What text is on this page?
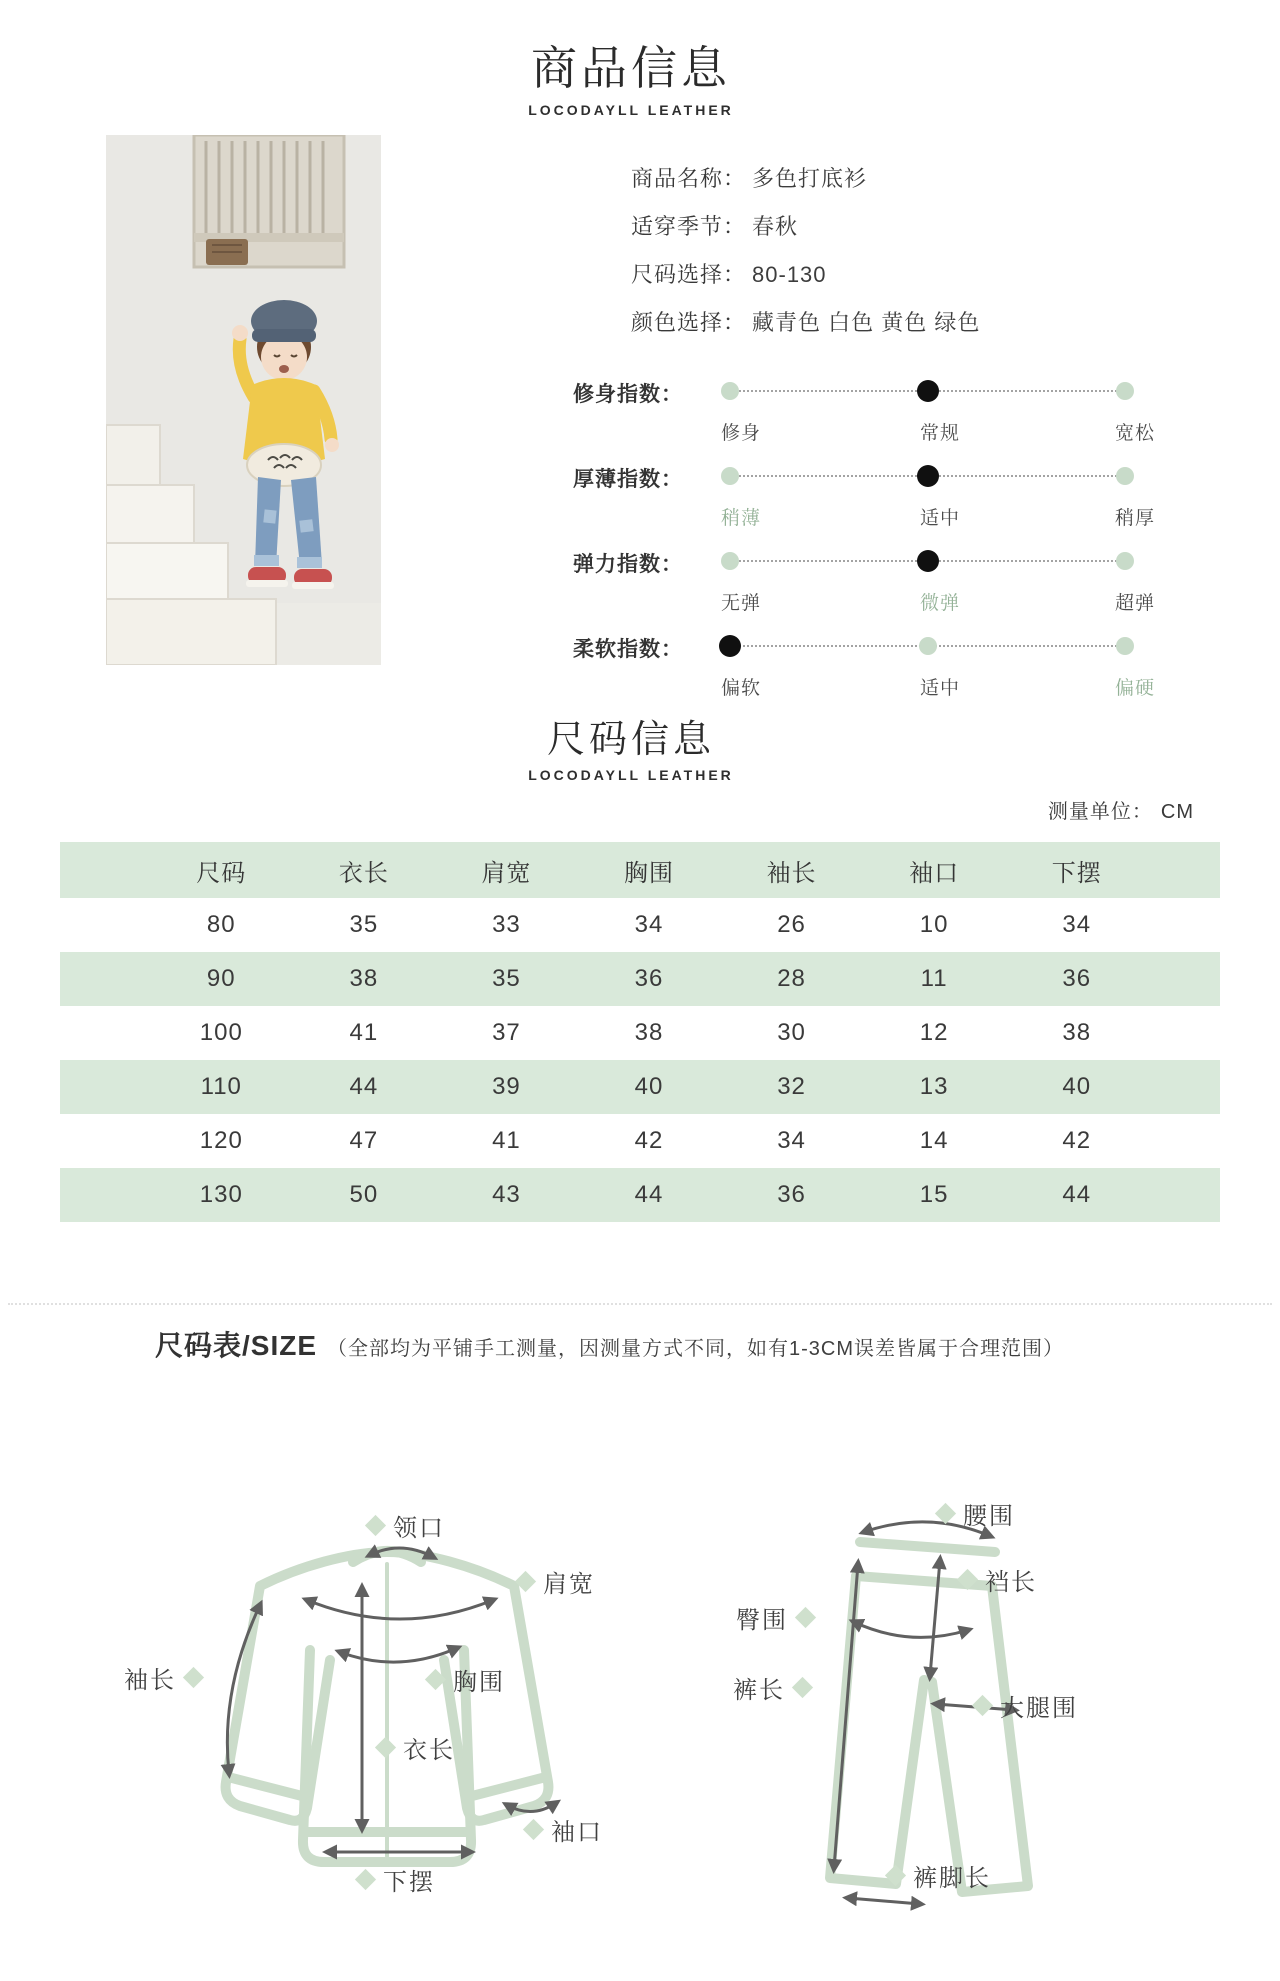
商品信息
LOCODAYLL LEATHER
商品名称： 多色打底衫
适穿季节： 春秋
尺码选择： 80-130
颜色选择： 藏青色 白色 黄色 绿色
修身指数：
修身	常规	宽松
厚薄指数：
稍薄	适中	稍厚
弹力指数：
无弹	微弹	超弹
柔软指数：
偏软	适中	偏硬
尺码信息
LOCODAYLL LEATHER
测量单位： CM
尺码	衣长	肩宽	胸围	袖长	袖口	下摆
80	35	33	34	26	10	34
90	38	35	36	28	11	36
100	41	37	38	30	12	38
110	44	39	40	32	13	40
120	47	41	42	34	14	42
130	50	43	44	36	15	44
尺码表/SIZE （全部均为平铺手工测量，因测量方式不同，如有1-3CM误差皆属于合理范围）
领口
肩宽
袖长	胸围
衣长
袖口
下摆
腰围
裆长
臀围
裤长
大腿围
裤脚长
